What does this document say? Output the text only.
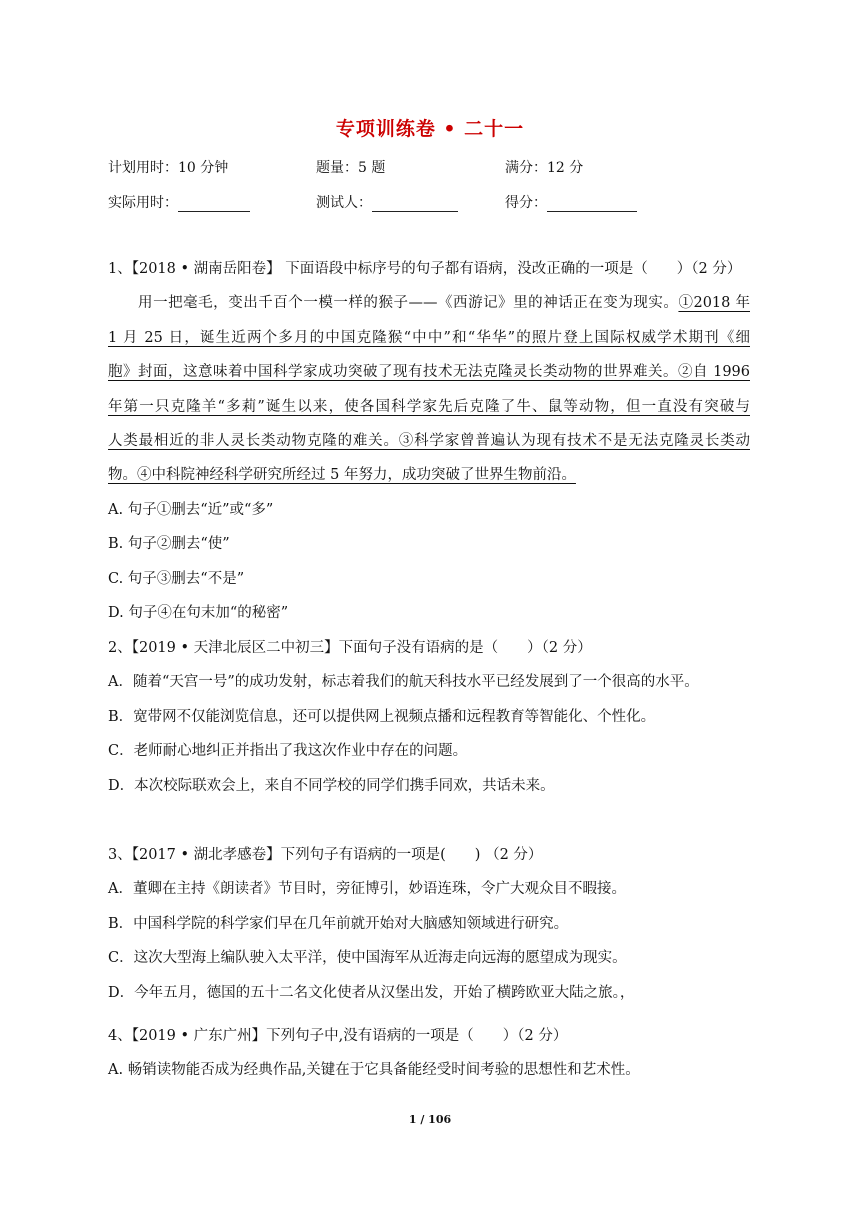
专项训练卷 • 二十一
计划用时：10 分钟	题量：5 题	满分：12 分
实际用时：	测试人：	得分：
1、【2018 • 湖南岳阳卷】 下面语段中标序号的句子都有语病，没改正确的一项是（　　）（2 分）
　　用一把毫毛，变出千百个一模一样的猴子——《西游记》里的神话正在变为现实。①2018 年
1 月 25 日，诞生近两个多月的中国克隆猴“中中”和“华华”的照片登上国际权威学术期刊《细
胞》封面，这意味着中国科学家成功突破了现有技术无法克隆灵长类动物的世界难关。②自 1996
年第一只克隆羊“多莉”诞生以来，使各国科学家先后克隆了牛、鼠等动物，但一直没有突破与
人类最相近的非人灵长类动物克隆的难关。③科学家曾普遍认为现有技术不是无法克隆灵长类动
物。④中科院神经科学研究所经过 5 年努力，成功突破了世界生物前沿。
A. 句子①删去“近”或“多”
B. 句子②删去“使”
C. 句子③删去“不是”
D. 句子④在句末加“的秘密”
2、【2019 • 天津北辰区二中初三】下面句子没有语病的是（　　）（2 分）
A．随着“天宫一号”的成功发射，标志着我们的航天科技水平已经发展到了一个很高的水平。
B．宽带网不仅能浏览信息，还可以提供网上视频点播和远程教育等智能化、个性化。
C．老师耐心地纠正并指出了我这次作业中存在的问题。
D．本次校际联欢会上，来自不同学校的同学们携手同欢，共话未来。
3、【2017 • 湖北孝感卷】下列句子有语病的一项是(　　) （2 分）
A．董卿在主持《朗读者》节目时，旁征博引，妙语连珠，令广大观众目不暇接。
B．中国科学院的科学家们早在几年前就开始对大脑感知领域进行研究。
C．这次大型海上编队驶入太平洋，使中国海军从近海走向远海的愿望成为现实。
D．今年五月，德国的五十二名文化使者从汉堡出发，开始了横跨欧亚大陆之旅。，
4、【2019 • 广东广州】下列句子中,没有语病的一项是（　　）（2 分）
A. 畅销读物能否成为经典作品,关键在于它具备能经受时间考验的思想性和艺术性。
1 / 106
